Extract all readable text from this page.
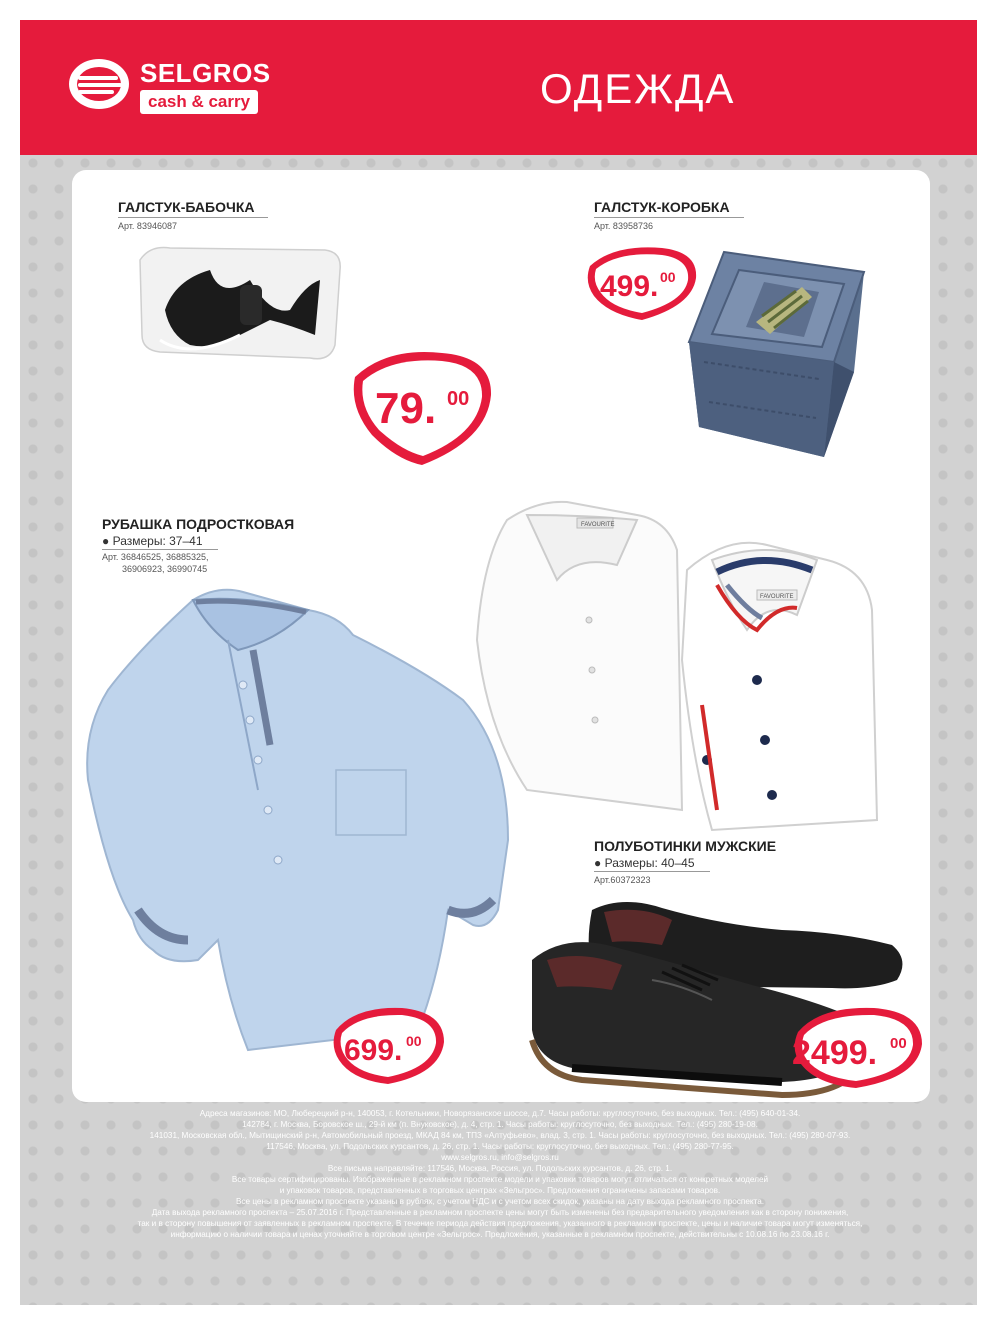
SELGROS
cash & carry	ОДЕЖДА
ГАЛСТУК-БАБОЧКА
Арт. 83946087
79. 00
ГАЛСТУК-КОРОБКА
Арт. 83958736
499. 00
РУБАШКА ПОДРОСТКОВАЯ
● Размеры: 37–41
Арт. 36846525, 36885325,
36906923, 36990745
FAVOURITE
FAVOURITE
699. 00
ПОЛУБОТИНКИ МУЖСКИЕ
● Размеры: 40–45
Арт.60372323
2499. 00
Адреса магазинов: МО, Люберецкий р-н, 140053, г. Котельники, Новорязанское шоссе, д.7. Часы работы: круглосуточно, без выходных. Тел.: (495) 640-01-34.
142784, г. Москва, Боровское ш., 29-й км (п. Внуковское), д. 4, стр. 1. Часы работы: круглосуточно, без выходных. Тел.: (495) 280-19-08.
141031, Московская обл., Мытищинский р-н, Автомобильный проезд, МКАД 84 км, ТПЗ «Алтуфьево», влад. 3, стр. 1. Часы работы: круглосуточно, без выходных. Тел.: (495) 280-07-93.
117546, Москва, ул. Подольских курсантов, д. 26, стр. 1. Часы работы: круглосуточно, без выходных. Тел.: (495) 280-77-95.
www.selgros.ru, info@selgros.ru
Все письма направляйте: 117546, Москва, Россия, ул. Подольских курсантов, д. 26, стр. 1.
Все товары сертифицированы. Изображенные в рекламном проспекте модели и упаковки товаров могут отличаться от конкретных моделей
и упаковок товаров, представленных в торговых центрах «Зельгрос». Предложения ограничены запасами товаров.
Все цены в рекламном проспекте указаны в рублях, с учетом НДС и с учетом всех скидок, указаны на дату выхода рекламного проспекта.
Дата выхода рекламного проспекта – 25.07.2016 г. Представленные в рекламном проспекте цены могут быть изменены без предварительного уведомления как в сторону понижения,
так и в сторону повышения от заявленных в рекламном проспекте. В течение периода действия предложения, указанного в рекламном проспекте, цены и наличие товара могут изменяться,
информацию о наличии товара и ценах уточняйте в торговом центре «Зельгрос». Предложения, указанные в рекламном проспекте, действительны с 10.08.16 по 23.08.16 г.
